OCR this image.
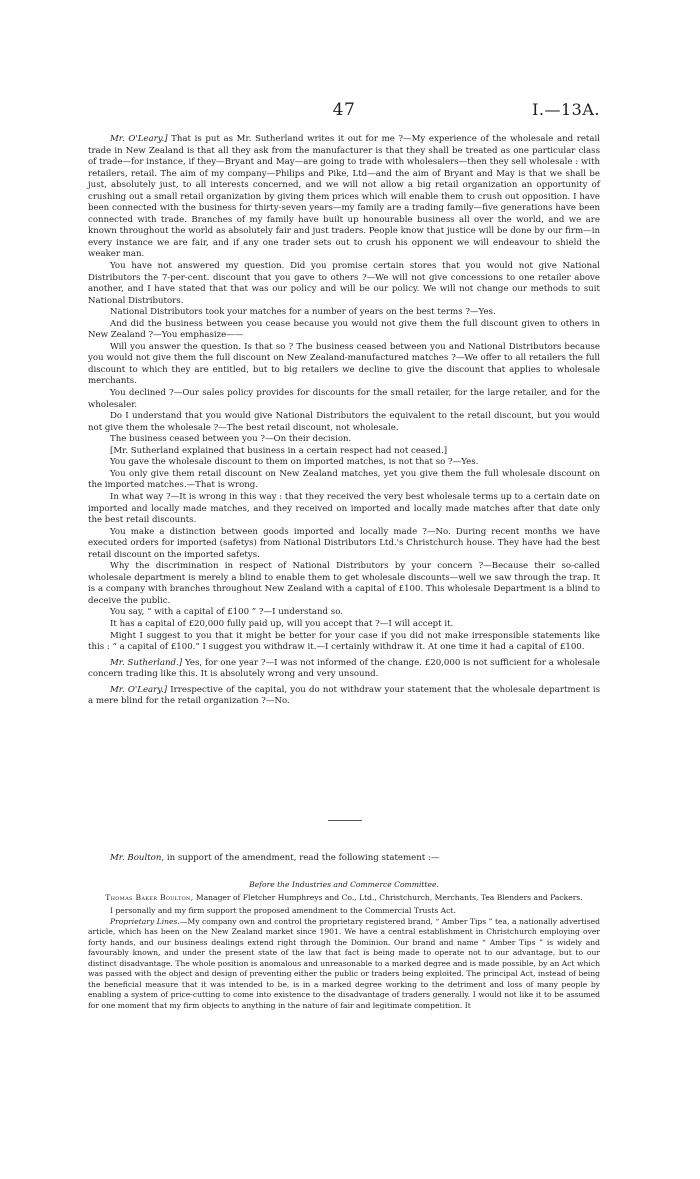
47	I.—13A.

Mr. O'Leary.] That is put as Mr. Sutherland writes it out for me ?—My experience of the wholesale and retail trade in New Zealand is that all they ask from the manufacturer is that they shall be treated as one particular class of trade—for instance, if they—Bryant and May—are going to trade with wholesalers—then they sell wholesale : with retailers, retail. The aim of my company—Philips and Pike, Ltd—and the aim of Bryant and May is that we shall be just, absolutely just, to all interests concerned, and we will not allow a big retail organization an opportunity of crushing out a small retail organization by giving them prices which will enable them to crush out opposition. I have been connected with the business for thirty-seven years—my family are a trading family—five generations have been connected with trade. Branches of my family have built up honourable business all over the world, and we are known throughout the world as absolutely fair and just traders. People know that justice will be done by our firm—in every instance we are fair, and if any one trader sets out to crush his opponent we will endeavour to shield the weaker man.

You have not answered my question. Did you promise certain stores that you would not give National Distributors the 7-per-cent. discount that you gave to others ?—We will not give concessions to one retailer above another, and I have stated that that was our policy and will be our policy. We will not change our methods to suit National Distributors.

National Distributors took your matches for a number of years on the best terms ?—Yes.

And did the business between you cease because you would not give them the full discount given to others in New Zealand ?—You emphasize——

Will you answer the question. Is that so ? The business ceased between you and National Distributors because you would not give them the full discount on New Zealand-manufactured matches ?—We offer to all retailers the full discount to which they are entitled, but to big retailers we decline to give the discount that applies to wholesale merchants.

You declined ?—Our sales policy provides for discounts for the small retailer, for the large retailer, and for the wholesaler.

Do I understand that you would give National Distributors the equivalent to the retail discount, but you would not give them the wholesale ?—The best retail discount, not wholesale.

The business ceased between you ?—On their decision.

[Mr. Sutherland explained that business in a certain respect had not ceased.]

You gave the wholesale discount to them on imported matches, is not that so ?—Yes.

You only give them retail discount on New Zealand matches, yet you give them the full wholesale discount on the imported matches.—That is wrong.

In what way ?—It is wrong in this way : that they received the very best wholesale terms up to a certain date on imported and locally made matches, and they received on imported and locally made matches after that date only the best retail discounts.

You make a distinction between goods imported and locally made ?—No. During recent months we have executed orders for imported (safetys) from National Distributors Ltd.'s Christchurch house. They have had the best retail discount on the imported safetys.

Why the discrimination in respect of National Distributors by your concern ?—Because their so-called wholesale department is merely a blind to enable them to get wholesale discounts—well we saw through the trap. It is a company with branches throughout New Zealand with a capital of £100. This wholesale Department is a blind to deceive the public.

You say, “ with a capital of £100 ” ?—I understand so.

It has a capital of £20,000 fully paid up, will you accept that ?—I will accept it.

Might I suggest to you that it might be better for your case if you did not make irresponsible statements like this : “ a capital of £100.” I suggest you withdraw it.—I certainly withdraw it. At one time it had a capital of £100.

Mr. Sutherland.] Yes, for one year ?—I was not informed of the change. £20,000 is not sufficient for a wholesale concern trading like this. It is absolutely wrong and very unsound.

Mr. O'Leary.] Irrespective of the capital, you do not withdraw your statement that the wholesale department is a mere blind for the retail organization ?—No.

Mr. Boulton, in support of the amendment, read the following statement :—

Before the Industries and Commerce Committee.

Thomas Baker Boulton, Manager of Fletcher Humphreys and Co., Ltd., Christchurch, Merchants, Tea Blenders and Packers.

I personally and my firm support the proposed amendment to the Commercial Trusts Act.

Proprietary Lines.—My company own and control the proprietary registered brand, “ Amber Tips ” tea, a nationally advertised article, which has been on the New Zealand market since 1901. We have a central establishment in Christchurch employing over forty hands, and our business dealings extend right through the Dominion. Our brand and name “ Amber Tips ” is widely and favourably known, and under the present state of the law that fact is being made to operate not to our advantage, but to our distinct disadvantage. The whole position is anomalous and unreasonable to a marked degree and is made possible, by an Act which was passed with the object and design of preventing either the public or traders being exploited. The principal Act, instead of being the beneficial measure that it was intended to be, is in a marked degree working to the detriment and loss of many people by enabling a system of price-cutting to come into existence to the disadvantage of traders generally. I would not like it to be assumed for one moment that my firm objects to anything in the nature of fair and legitimate competition. It
